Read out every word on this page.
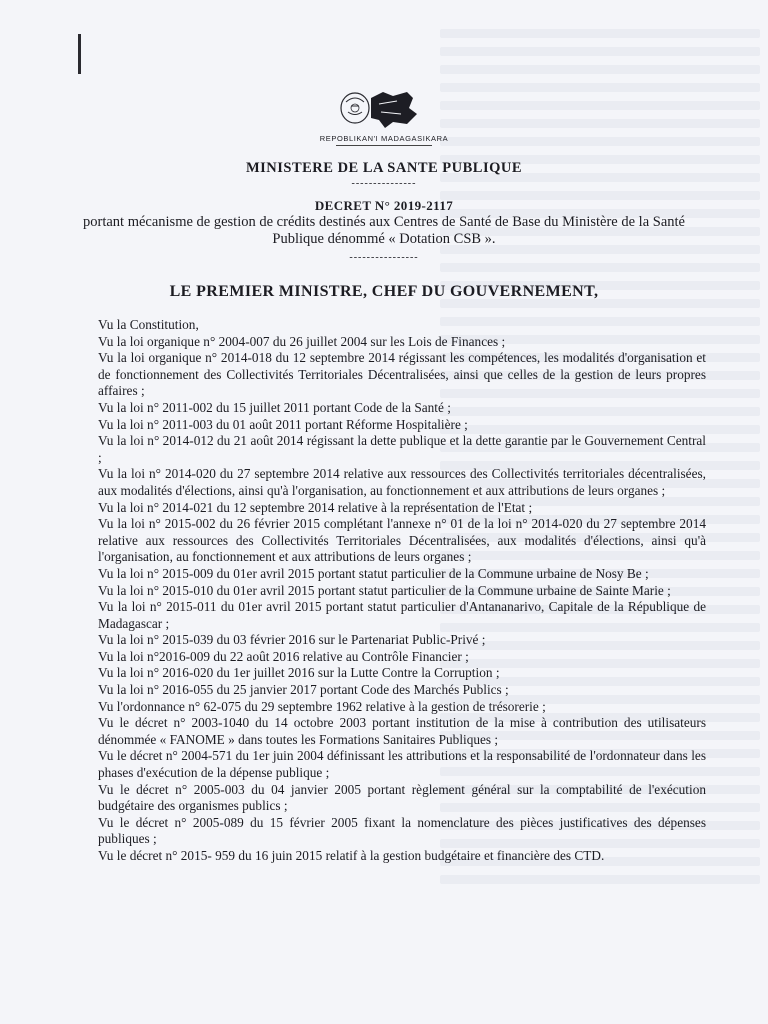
REPOBLIKAN'I MADAGASIKARA
MINISTERE DE LA SANTE PUBLIQUE
---------------
DECRET N° 2019-2117
portant mécanisme de gestion de crédits destinés aux Centres de Santé de Base du Ministère de la Santé Publique dénommé « Dotation CSB ».
----------------
LE PREMIER MINISTRE, CHEF DU GOUVERNEMENT,

Vu la Constitution,

Vu la loi organique n° 2004-007 du 26 juillet 2004 sur les Lois de Finances ;

Vu la loi organique n° 2014-018 du 12 septembre 2014 régissant les compétences, les modalités d'organisation et de fonctionnement des Collectivités Territoriales Décentralisées, ainsi que celles de la gestion de leurs propres affaires ;

Vu la loi n° 2011-002 du 15 juillet 2011 portant Code de la Santé ;

Vu la loi n° 2011-003 du 01 août 2011 portant Réforme Hospitalière ;

Vu la loi n° 2014-012 du 21 août 2014 régissant la dette publique et la dette garantie par le Gouvernement Central ;

Vu la loi n° 2014-020 du 27 septembre 2014 relative aux ressources des Collectivités territoriales décentralisées, aux modalités d'élections, ainsi qu'à l'organisation, au fonctionnement et aux attributions de leurs organes ;

Vu la loi n° 2014-021 du 12 septembre 2014 relative à la représentation de l'Etat ;

Vu la loi n° 2015-002 du 26 février 2015 complétant l'annexe n° 01 de la loi n° 2014-020 du 27 septembre 2014 relative aux ressources des Collectivités Territoriales Décentralisées, aux modalités d'élections, ainsi qu'à l'organisation, au fonctionnement et aux attributions de leurs organes ;

Vu la loi n° 2015-009 du 01er avril 2015 portant statut particulier de la Commune urbaine de Nosy Be ;

Vu la loi n° 2015-010 du 01er avril 2015 portant statut particulier de la Commune urbaine de Sainte Marie ;

Vu la loi n° 2015-011 du 01er avril 2015 portant statut particulier d'Antananarivo, Capitale de la République de Madagascar ;

Vu la loi n° 2015-039 du 03 février 2016 sur le Partenariat Public-Privé ;

Vu la loi n°2016-009 du 22 août 2016 relative au Contrôle Financier ;

Vu la loi n° 2016-020 du 1er juillet 2016 sur la Lutte Contre la Corruption ;

Vu la loi n° 2016-055 du 25 janvier 2017 portant Code des Marchés Publics ;

Vu l'ordonnance n° 62-075 du 29 septembre 1962 relative à la gestion de trésorerie ;

Vu le décret n° 2003-1040 du 14 octobre 2003 portant institution de la mise à contribution des utilisateurs dénommée « FANOME » dans toutes les Formations Sanitaires Publiques ;

Vu le décret n° 2004-571 du 1er juin 2004 définissant les attributions et la responsabilité de l'ordonnateur dans les phases d'exécution de la dépense publique ;

Vu le décret n° 2005-003 du 04 janvier 2005 portant règlement général sur la comptabilité de l'exécution budgétaire des organismes publics ;

Vu le décret n° 2005-089 du 15 février 2005 fixant la nomenclature des pièces justificatives des dépenses publiques ;

Vu le décret n° 2015- 959 du 16 juin 2015 relatif à la gestion budgétaire et financière des CTD.
